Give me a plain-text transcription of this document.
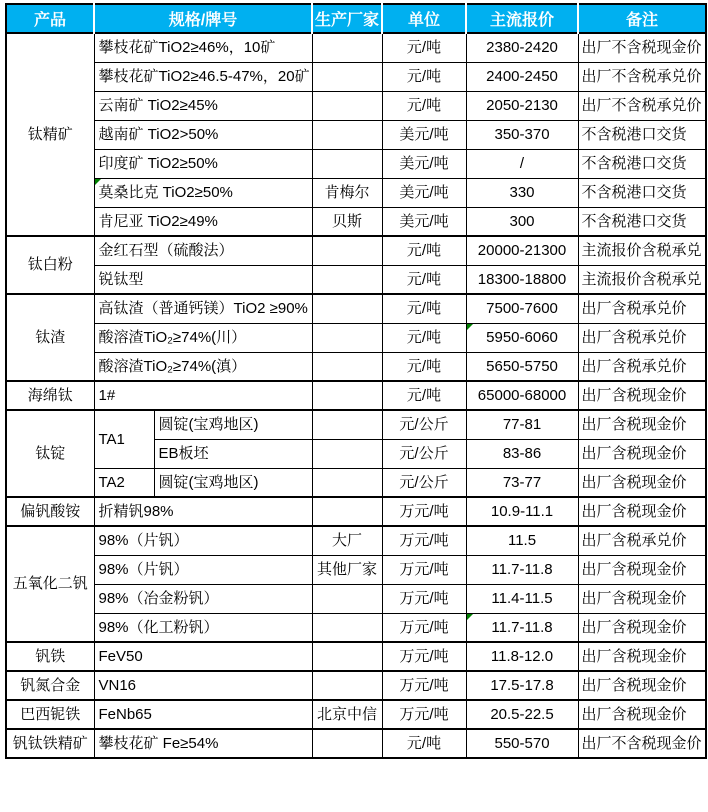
产品	规格/牌号		生产厂家	单位	主流报价	备注
钛精矿	攀枝花矿TiO2≥46%，10矿			元/吨	2380-2420	出厂不含税现金价
	攀枝花矿TiO2≥46.5-47%，20矿			元/吨	2400-2450	出厂不含税承兑价
	云南矿 TiO2≥45%			元/吨	2050-2130	出厂不含税承兑价
	越南矿 TiO2>50%			美元/吨	350-370	不含税港口交货
	印度矿 TiO2≥50%			美元/吨	/	不含税港口交货
	莫桑比克 TiO2≥50%		肯梅尔	美元/吨	330	不含税港口交货
	肯尼亚 TiO2≥49%		贝斯	美元/吨	300	不含税港口交货
钛白粉	金红石型（硫酸法）			元/吨	20000-21300	主流报价含税承兑
	锐钛型			元/吨	18300-18800	主流报价含税承兑
钛渣	高钛渣（普通钙镁）TiO2 ≥90%			元/吨	7500-7600	出厂含税承兑价
	酸溶渣TiO₂≥74%(川）			元/吨	5950-6060	出厂含税承兑价
	酸溶渣TiO₂≥74%(滇）			元/吨	5650-5750	出厂含税承兑价
海绵钛	1#			元/吨	65000-68000	出厂含税现金价
钛锭	TA1	圆锭(宝鸡地区)		元/公斤	77-81	出厂含税现金价
		EB板坯		元/公斤	83-86	出厂含税现金价
	TA2	圆锭(宝鸡地区)		元/公斤	73-77	出厂含税现金价
偏钒酸铵	折精钒98%			万元/吨	10.9-11.1	出厂含税现金价
五氧化二钒	98%（片钒）		大厂	万元/吨	11.5	出厂含税承兑价
	98%（片钒）		其他厂家	万元/吨	11.7-11.8	出厂含税现金价
	98%（冶金粉钒）			万元/吨	11.4-11.5	出厂含税现金价
	98%（化工粉钒）			万元/吨	11.7-11.8	出厂含税现金价
钒铁	FeV50			万元/吨	11.8-12.0	出厂含税现金价
钒氮合金	VN16			万元/吨	17.5-17.8	出厂含税现金价
巴西铌铁	FeNb65		北京中信	万元/吨	20.5-22.5	出厂含税现金价
钒钛铁精矿	攀枝花矿 Fe≥54%			元/吨	550-570	出厂不含税现金价
